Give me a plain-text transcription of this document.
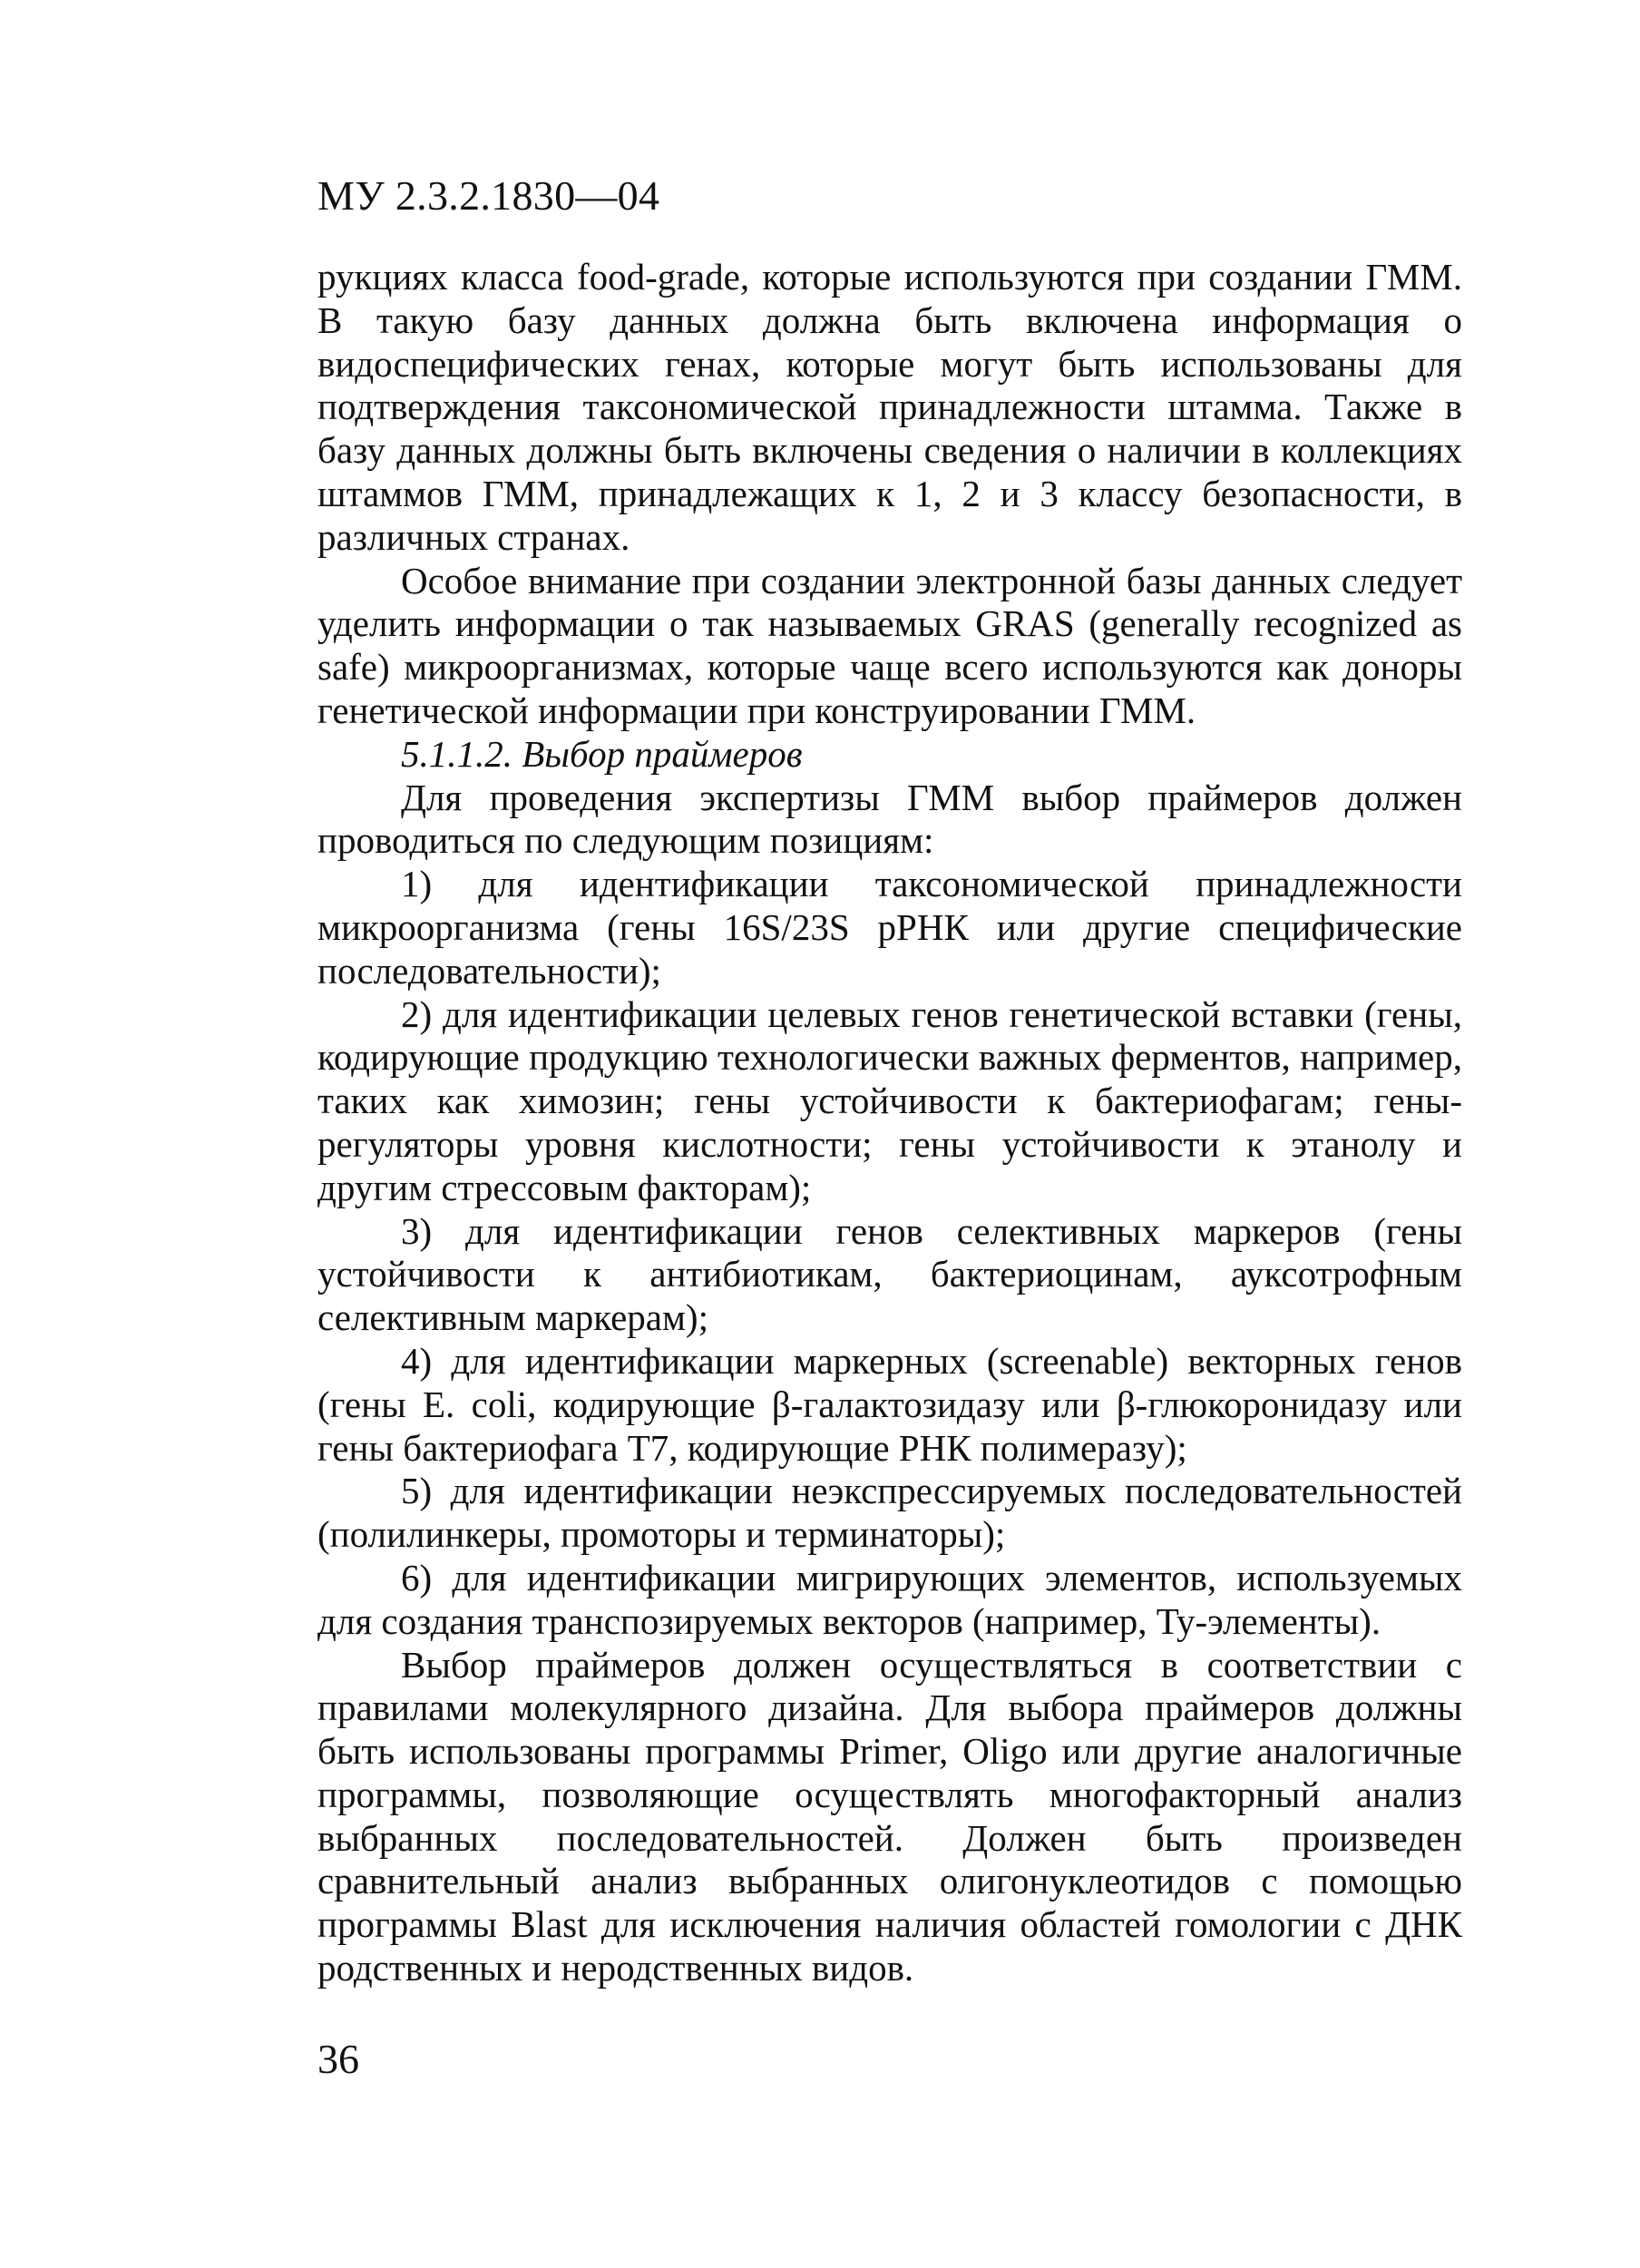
МУ 2.3.2.1830—04

рукциях класса food-grade, которые используются при создании ГММ. В такую базу данных должна быть включена информация о видоспецифических генах, которые могут быть использованы для подтверждения таксономической принадлежности штамма. Также в базу данных должны быть включены сведения о наличии в коллекциях штаммов ГММ, принадлежащих к 1, 2 и 3 классу безопасности, в различных странах.

Особое внимание при создании электронной базы данных следует уделить информации о так называемых GRAS (generally recognized as safe) микроорганизмах, которые чаще всего используются как доноры генетической информации при конструировании ГММ.

5.1.1.2. Выбор праймеров

Для проведения экспертизы ГММ выбор праймеров должен проводиться по следующим позициям:

1) для идентификации таксономической принадлежности микроорганизма (гены 16S/23S рРНК или другие специфические последовательности);

2) для идентификации целевых генов генетической вставки (гены, кодирующие продукцию технологически важных ферментов, например, таких как химозин; гены устойчивости к бактериофагам; гены-регуляторы уровня кислотности; гены устойчивости к этанолу и другим стрессовым факторам);

3) для идентификации генов селективных маркеров (гены устойчивости к антибиотикам, бактериоцинам, ауксотрофным селективным маркерам);

4) для идентификации маркерных (screenable) векторных генов (гены E. coli, кодирующие β-галактозидазу или β-глюкоронидазу или гены бактериофага T7, кодирующие РНК полимеразу);

5) для идентификации неэкспрессируемых последовательностей (полилинкеры, промоторы и терминаторы);

6) для идентификации мигрирующих элементов, используемых для создания транспозируемых векторов (например, Ty-элементы).

Выбор праймеров должен осуществляться в соответствии с правилами молекулярного дизайна. Для выбора праймеров должны быть использованы программы Primer, Oligo или другие аналогичные программы, позволяющие осуществлять многофакторный анализ выбранных последовательностей. Должен быть произведен сравнительный анализ выбранных олигонуклеотидов с помощью программы Blast для исключения наличия областей гомологии с ДНК родственных и неродственных видов.

36
